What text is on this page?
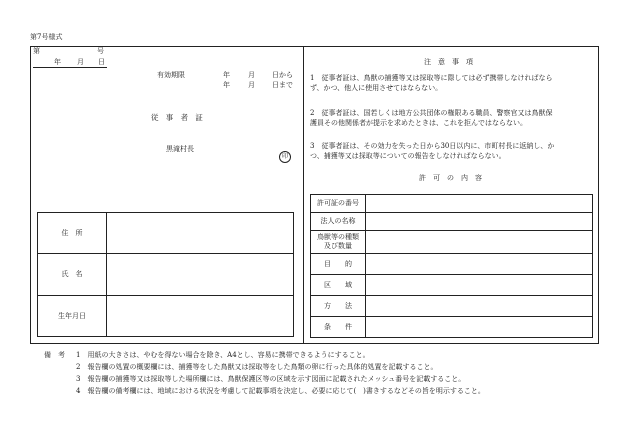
第7号様式
第	号
年 月 日
有効期限	年	月 日から
年	月 日まで
従　事　者　証
黒滝村長
印
住　所	
氏　名	
生年月日	
注　意　事　項
1　従事者証は、鳥獣の捕獲等又は採取等に際しては必ず携帯しなければなら
ず、かつ、他人に使用させてはならない。
2　従事者証は、国若しくは地方公共団体の権限ある職員、警察官又は鳥獣保
護員その他関係者が提示を求めたときは、これを拒んではならない。
3　従事者証は、その効力を失った日から30日以内に、市町村長に返納し、か
つ、捕獲等又は採取等についての報告をしなければならない。
許　可　の　内　容
許可証の番号	
法人の名称	
鳥獣等の種類
及び数量	
目　　的	
区　　域	
方　　法	
条　　件	
備　考 1　用紙の大きさは、やむを得ない場合を除き、A4とし、容易に携帯できるようにすること。
2　報告欄の処置の概要欄には、捕獲等をした鳥獣又は採取等をした鳥類の卵に行った具体的処置を記載すること。
3　報告欄の捕獲等又は採取等した場所欄には、鳥獣保護区等の区域を示す図面に記載されたメッシュ番号を記載すること。
4　報告欄の備考欄には、地域における状況を考慮して記載事項を決定し、必要に応じて(　)書きするなどその旨を明示すること。
